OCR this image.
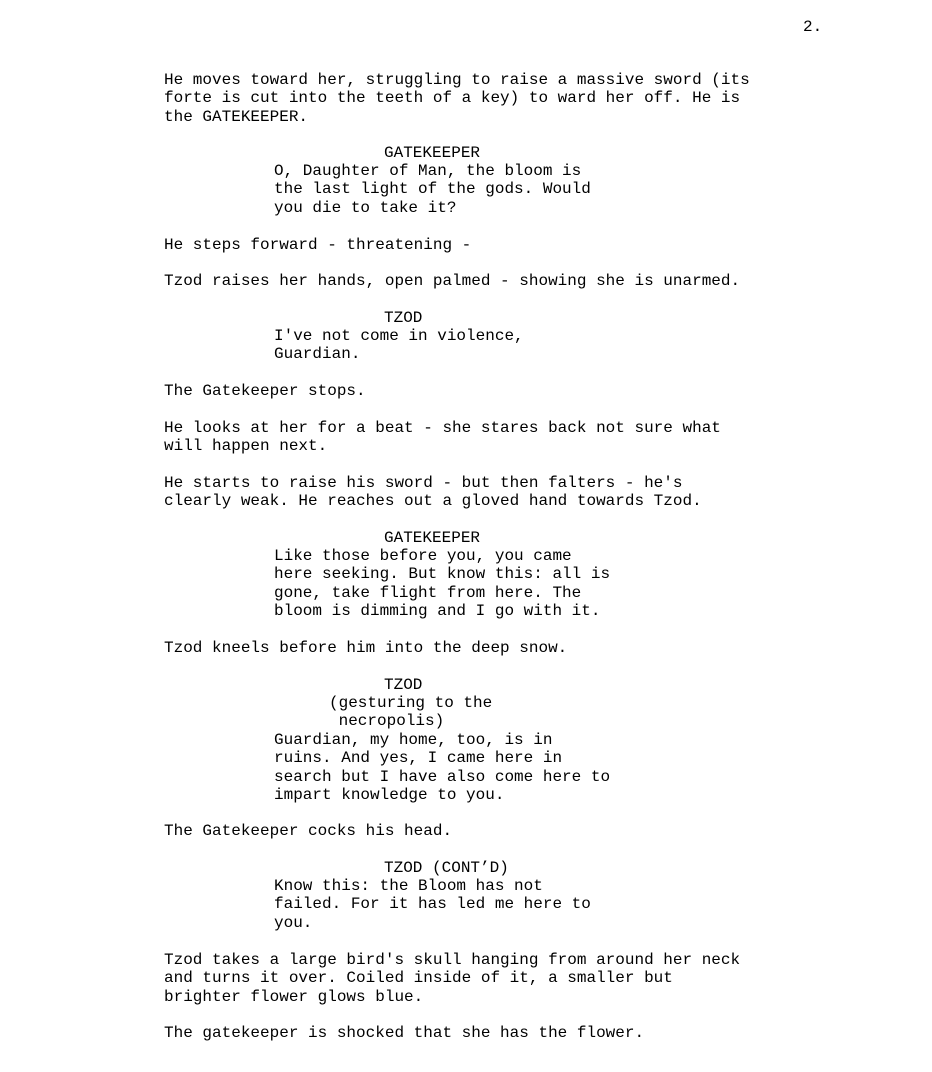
2.

He moves toward her, struggling to raise a massive sword (its
forte is cut into the teeth of a key) to ward her off. He is
the GATEKEEPER.

GATEKEEPER

O, Daughter of Man, the bloom is
the last light of the gods. Would
you die to take it?

He steps forward - threatening -

Tzod raises her hands, open palmed - showing she is unarmed.

TZOD

I've not come in violence,
Guardian.

The Gatekeeper stops.

He looks at her for a beat - she stares back not sure what
will happen next.

He starts to raise his sword - but then falters - he's
clearly weak. He reaches out a gloved hand towards Tzod.

GATEKEEPER

Like those before you, you came
here seeking. But know this: all is
gone, take flight from here. The
bloom is dimming and I go with it.

Tzod kneels before him into the deep snow.

TZOD

(gesturing to the
necropolis)

Guardian, my home, too, is in
ruins. And yes, I came here in
search but I have also come here to
impart knowledge to you.

The Gatekeeper cocks his head.

TZOD (CONT’D)

Know this: the Bloom has not
failed. For it has led me here to
you.

Tzod takes a large bird's skull hanging from around her neck
and turns it over. Coiled inside of it, a smaller but
brighter flower glows blue.

The gatekeeper is shocked that she has the flower.
